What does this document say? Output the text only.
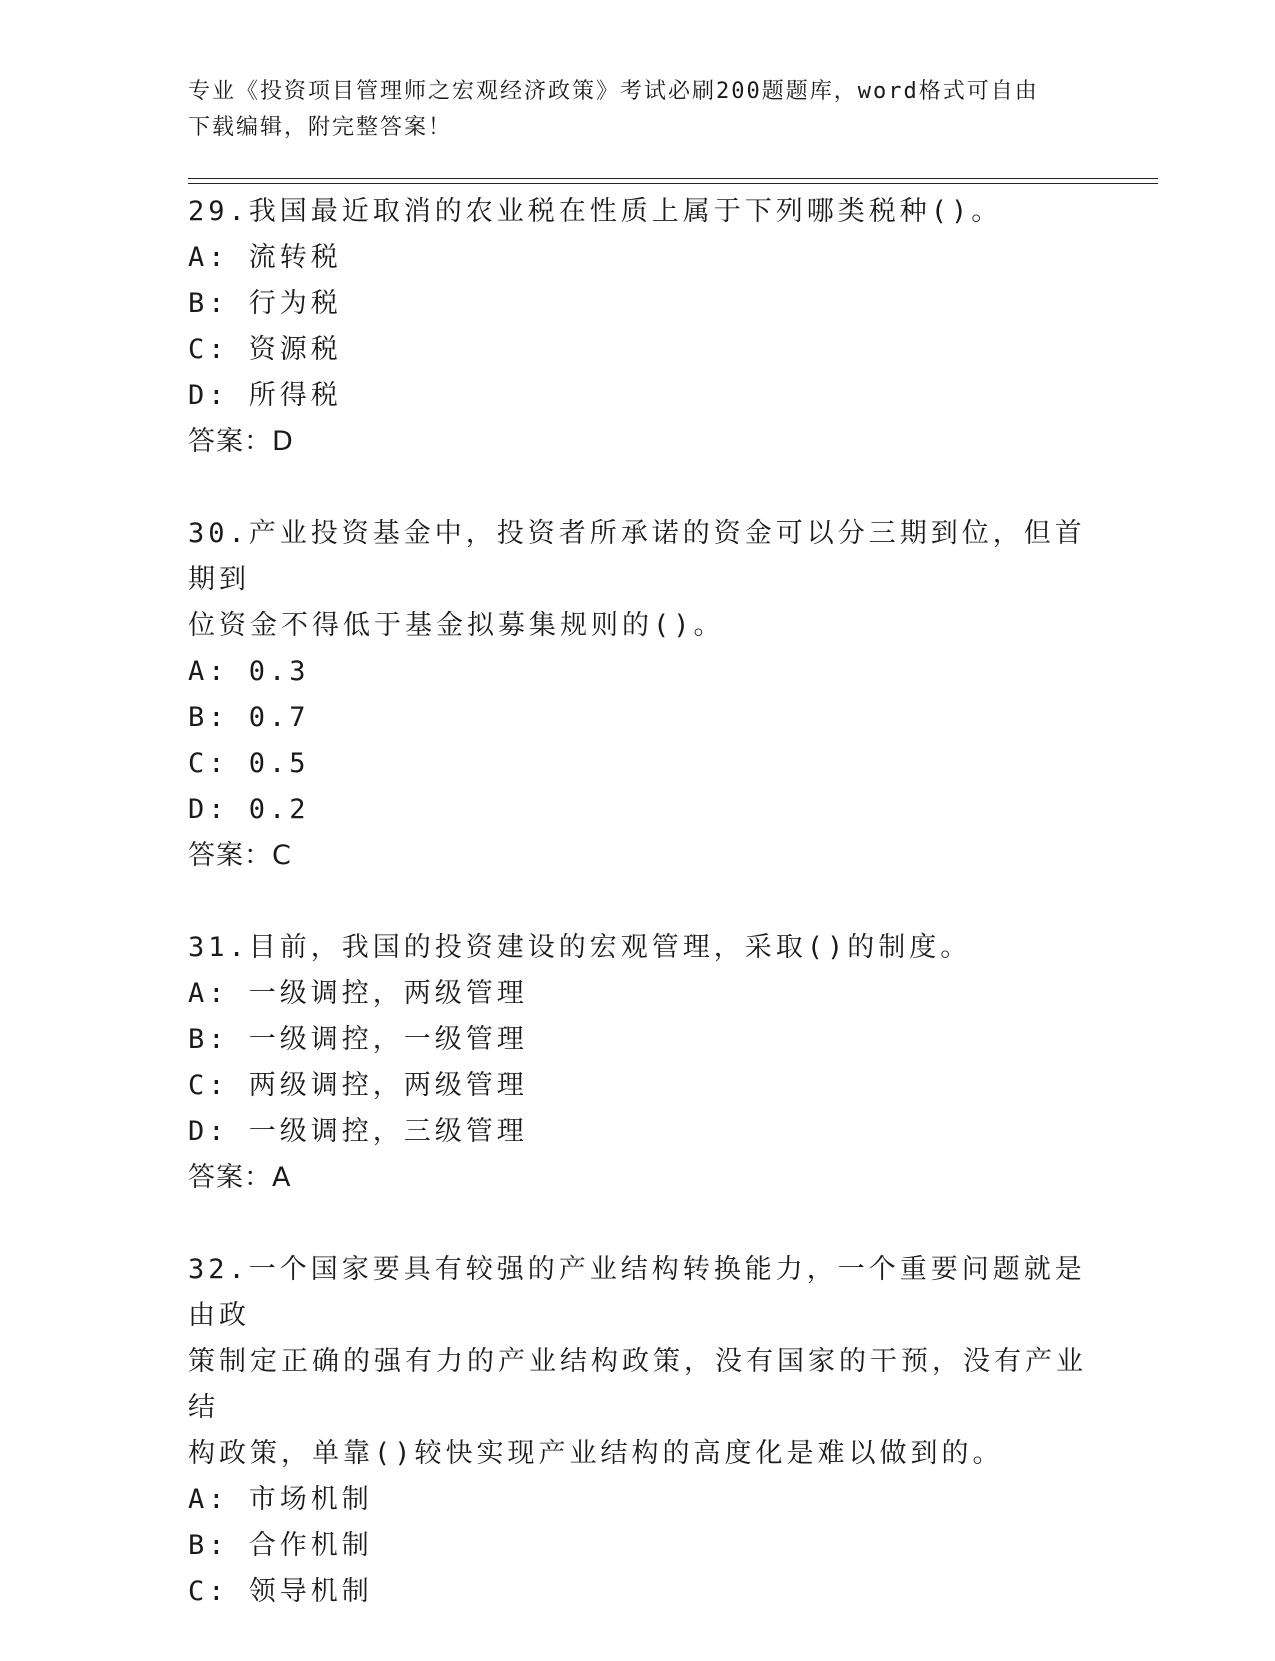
专业《投资项目管理师之宏观经济政策》考试必刷200题题库，word格式可自由
下载编辑，附完整答案！

29.我国最近取消的农业税在性质上属于下列哪类税种()。

A: 流转税

B: 行为税

C: 资源税

D: 所得税

答案：D

30.产业投资基金中，投资者所承诺的资金可以分三期到位，但首期到

位资金不得低于基金拟募集规则的()。

A: 0.3

B: 0.7

C: 0.5

D: 0.2

答案：C

31.目前，我国的投资建设的宏观管理，采取()的制度。

A: 一级调控，两级管理

B: 一级调控，一级管理

C: 两级调控，两级管理

D: 一级调控，三级管理

答案：A

32.一个国家要具有较强的产业结构转换能力，一个重要问题就是由政

策制定正确的强有力的产业结构政策，没有国家的干预，没有产业结

构政策，单靠()较快实现产业结构的高度化是难以做到的。

A: 市场机制

B: 合作机制

C: 领导机制
